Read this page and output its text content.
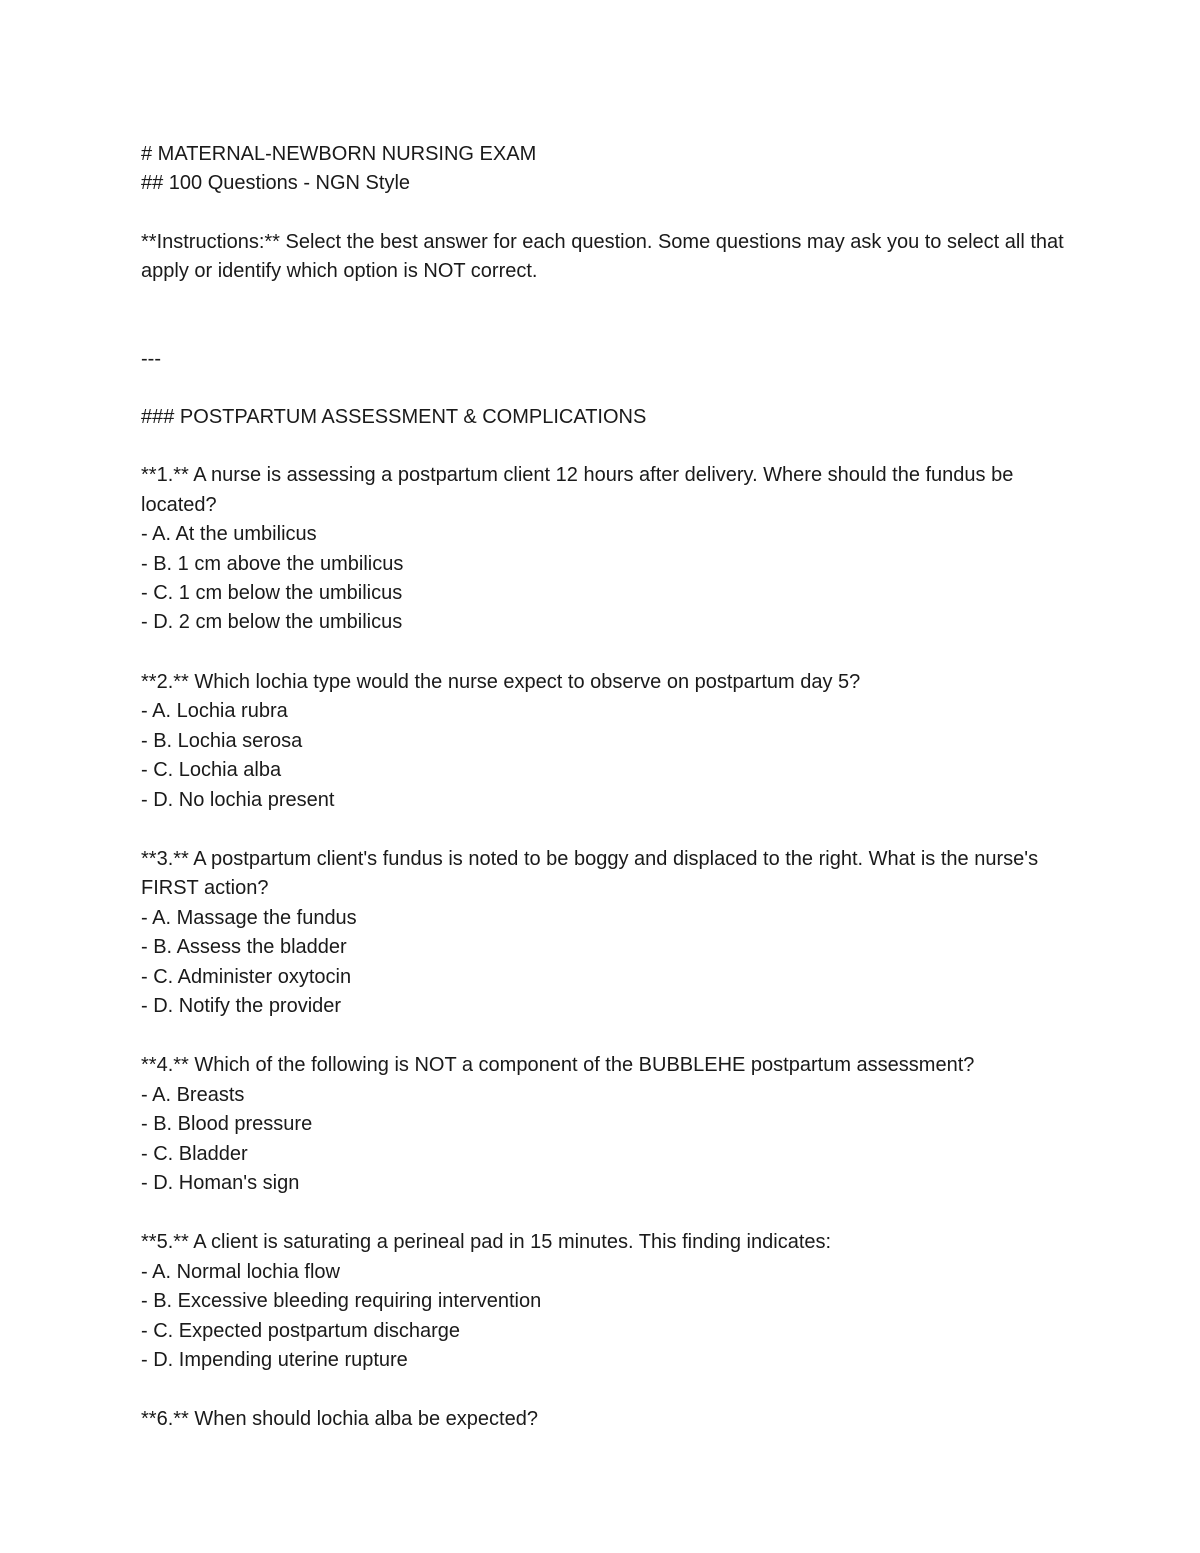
# MATERNAL-NEWBORN NURSING EXAM
## 100 Questions - NGN Style
**Instructions:** Select the best answer for each question. Some questions may ask you to select all that apply or identify which option is NOT correct.
---
### POSTPARTUM ASSESSMENT & COMPLICATIONS
**1.** A nurse is assessing a postpartum client 12 hours after delivery. Where should the fundus be located?
- A. At the umbilicus
- B. 1 cm above the umbilicus
- C. 1 cm below the umbilicus
- D. 2 cm below the umbilicus
**2.** Which lochia type would the nurse expect to observe on postpartum day 5?
- A. Lochia rubra
- B. Lochia serosa
- C. Lochia alba
- D. No lochia present
**3.** A postpartum client's fundus is noted to be boggy and displaced to the right. What is the nurse's FIRST action?
- A. Massage the fundus
- B. Assess the bladder
- C. Administer oxytocin
- D. Notify the provider
**4.** Which of the following is NOT a component of the BUBBLEHE postpartum assessment?
- A. Breasts
- B. Blood pressure
- C. Bladder
- D. Homan's sign
**5.** A client is saturating a perineal pad in 15 minutes. This finding indicates:
- A. Normal lochia flow
- B. Excessive bleeding requiring intervention
- C. Expected postpartum discharge
- D. Impending uterine rupture
**6.** When should lochia alba be expected?
